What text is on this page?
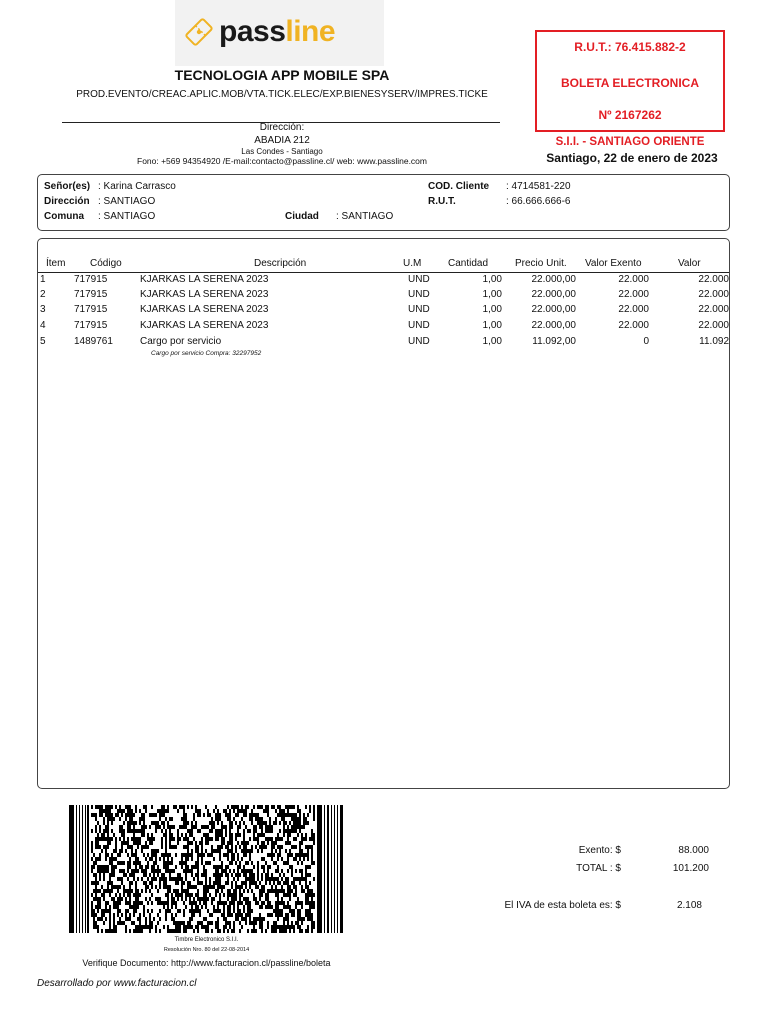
passline
TECNOLOGIA APP MOBILE SPA
PROD.EVENTO/CREAC.APLIC.MOB/VTA.TICK.ELEC/EXP.BIENESYSERV/IMPRES.TICKE
Dirección:
ABADIA 212
Las Condes - Santiago
Fono: +569 94354920 /E-mail:contacto@passline.cl/ web: www.passline.com
R.U.T.: 76.415.882-2
BOLETA ELECTRONICA
Nº 2167262
S.I.I. - SANTIAGO ORIENTE
Santiago, 22 de enero de 2023
Señor(es) : Karina Carrasco
Dirección : SANTIAGO
Comuna : SANTIAGO	Ciudad : SANTIAGO
COD. Cliente : 4714581-220
R.U.T.	: 66.666.666-6
Ítem Código	Descripción	U.M	Cantidad	Precio Unit. Valor Exento	Valor
1	717915	KJARKAS LA SERENA 2023	UND	1,00	22.000,00	22.000	22.000
2	717915	KJARKAS LA SERENA 2023	UND	1,00	22.000,00	22.000	22.000
3	717915	KJARKAS LA SERENA 2023	UND	1,00	22.000,00	22.000	22.000
4	717915	KJARKAS LA SERENA 2023	UND	1,00	22.000,00	22.000	22.000
5	1489761	Cargo por servicio	UND	1,00	11.092,00	0	11.092
Cargo por servicio Compra: 32297952
Timbre Electronico S.I.I.
Resolución Nro. 80 del 22-08-2014
Verifique Documento: http://www.facturacion.cl/passline/boleta
Desarrollado por www.facturacion.cl
Exento: $	88.000
TOTAL : $	101.200
El IVA de esta boleta es: $	2.108
